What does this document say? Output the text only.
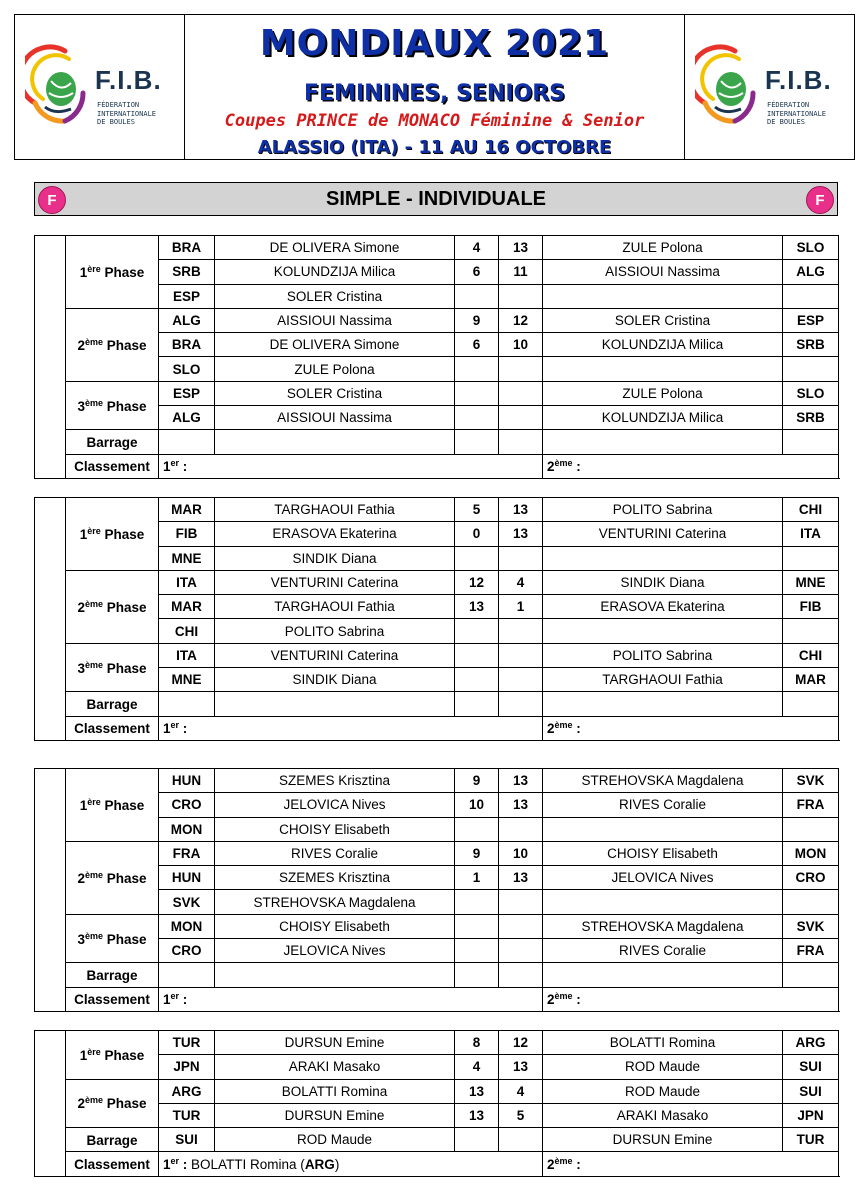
F.I.B.
FÉDERATION
INTERNATIONALE
DE BOULES
MONDIAUX 2021
FEMININES, SENIORS
Coupes PRINCE de MONACO Féminine & Senior
ALASSIO (ITA) - 11 AU 16 OCTOBRE
F.I.B.
FÉDERATION
INTERNATIONALE
DE BOULES
F	SIMPLE - INDIVIDUALE	F
	1ère Phase	BRA	DE OLIVERA Simone	4	13	ZULE Polona	SLO
		SRB	KOLUNDZIJA Milica	6	11	AISSIOUI Nassima	ALG
		ESP	SOLER Cristina				
	2ème Phase	ALG	AISSIOUI Nassima	9	12	SOLER Cristina	ESP
		BRA	DE OLIVERA Simone	6	10	KOLUNDZIJA Milica	SRB
		SLO	ZULE Polona				
	3ème Phase	ESP	SOLER Cristina			ZULE Polona	SLO
		ALG	AISSIOUI Nassima			KOLUNDZIJA Milica	SRB
	Barrage						
	Classement	1er :				2ème :	
	1ère Phase	MAR	TARGHAOUI Fathia	5	13	POLITO Sabrina	CHI
		FIB	ERASOVA Ekaterina	0	13	VENTURINI Caterina	ITA
		MNE	SINDIK Diana				
	2ème Phase	ITA	VENTURINI Caterina	12	4	SINDIK Diana	MNE
		MAR	TARGHAOUI Fathia	13	1	ERASOVA Ekaterina	FIB
		CHI	POLITO Sabrina				
	3ème Phase	ITA	VENTURINI Caterina			POLITO Sabrina	CHI
		MNE	SINDIK Diana			TARGHAOUI Fathia	MAR
	Barrage						
	Classement	1er :				2ème :	
	1ère Phase	HUN	SZEMES Krisztina	9	13	STREHOVSKA Magdalena	SVK
		CRO	JELOVICA Nives	10	13	RIVES Coralie	FRA
		MON	CHOISY Elisabeth				
	2ème Phase	FRA	RIVES Coralie	9	10	CHOISY Elisabeth	MON
		HUN	SZEMES Krisztina	1	13	JELOVICA Nives	CRO
		SVK	STREHOVSKA Magdalena				
	3ème Phase	MON	CHOISY Elisabeth			STREHOVSKA Magdalena	SVK
		CRO	JELOVICA Nives			RIVES Coralie	FRA
	Barrage						
	Classement	1er :				2ème :	
	1ère Phase	TUR	DURSUN Emine	8	12	BOLATTI Romina	ARG
		JPN	ARAKI Masako	4	13	ROD Maude	SUI
	2ème Phase	ARG	BOLATTI Romina	13	4	ROD Maude	SUI
		TUR	DURSUN Emine	13	5	ARAKI Masako	JPN
	Barrage	SUI	ROD Maude			DURSUN Emine	TUR
	Classement	1er : BOLATTI Romina (ARG)				2ème :	
